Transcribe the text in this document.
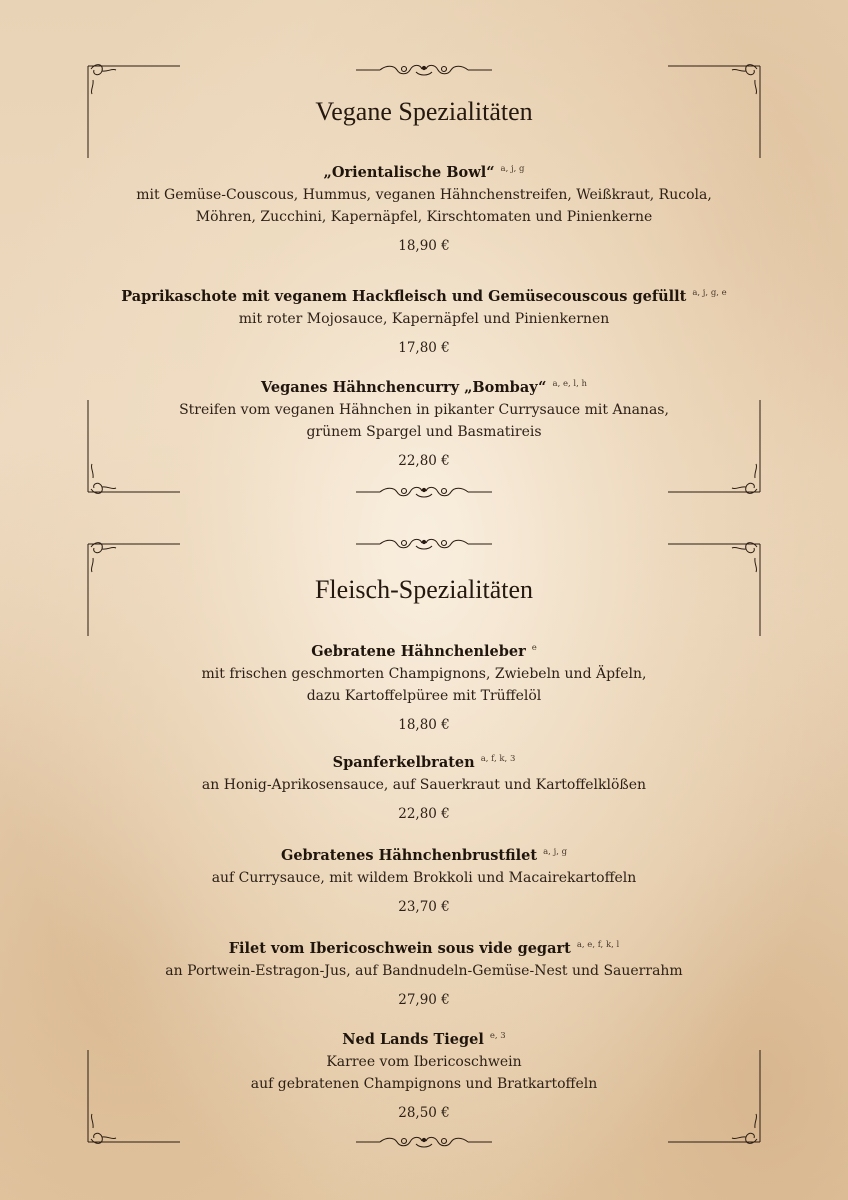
Vegane Spezialitäten
„Orientalische Bowl“ $^{a, j, g}$
mit Gemüse-Couscous, Hummus, veganen Hähnchenstreifen, Weißkraut, Rucola,
Möhren, Zucchini, Kapernäpfel, Kirschtomaten und Pinienkerne
18,90 €
Paprikaschote mit veganem Hackfleisch und Gemüsecouscous gefüllt $^{a, j, g, e}$
mit roter Mojosauce, Kapernäpfel und Pinienkernen
17,80 €
Veganes Hähnchencurry „Bombay“ $^{a, e, l, h}$
Streifen vom veganen Hähnchen in pikanter Currysauce mit Ananas,
grünem Spargel und Basmatireis
22,80 €
Fleisch-Spezialitäten
Gebratene Hähnchenleber $^e$
mit frischen geschmorten Champignons, Zwiebeln und Äpfeln,
dazu Kartoffelpüree mit Trüffelöl
18,80 €
Spanferkelbraten $^{a, f, k, 3}$
an Honig-Aprikosensauce, auf Sauerkraut und Kartoffelklößen
22,80 €
Gebratenes Hähnchenbrustfilet $^{a, j, g}$
auf Currysauce, mit wildem Brokkoli und Macairekartoffeln
23,70 €
Filet vom Ibericoschwein sous vide gegart $^{a, e, f, k, l}$
an Portwein-Estragon-Jus, auf Bandnudeln-Gemüse-Nest und Sauerrahm
27,90 €
Ned Lands Tiegel $^{e, 3}$
Karree vom Ibericoschwein
auf gebratenen Champignons und Bratkartoffeln
28,50 €
